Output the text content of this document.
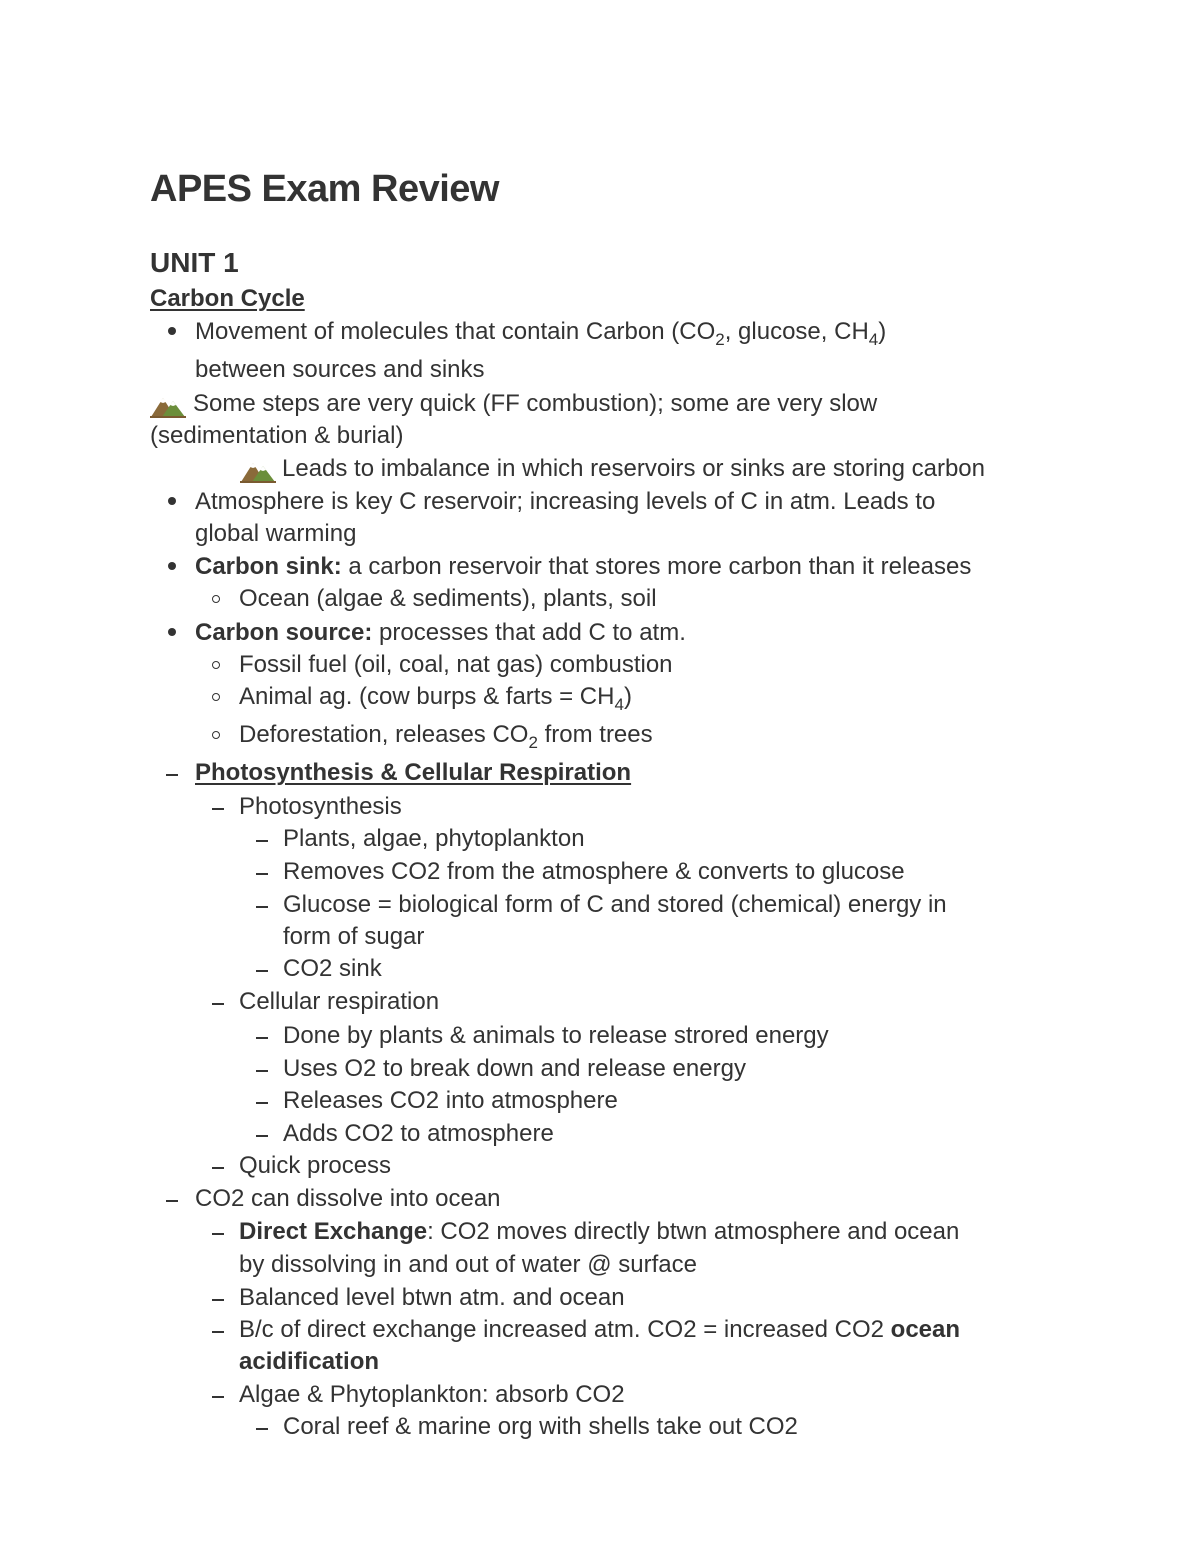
APES Exam Review
UNIT 1
Carbon Cycle
Movement of molecules that contain Carbon ($CO_2$, glucose, $CH_4$)
between sources and sinks
Some steps are very quick (FF combustion); some are very slow
(sedimentation & burial)
Leads to imbalance in which reservoirs or sinks are storing carbon
Atmosphere is key C reservoir; increasing levels of C in atm. Leads to
global warming
Carbon sink: a carbon reservoir that stores more carbon than it releases
Ocean (algae & sediments), plants, soil
Carbon source: processes that add C to atm.
Fossil fuel (oil, coal, nat gas) combustion
Animal ag. (cow burps & farts = $CH_4$)
Deforestation, releases $CO_2$ from trees
Photosynthesis & Cellular Respiration
Photosynthesis
Plants, algae, phytoplankton
Removes CO2 from the atmosphere & converts to glucose
Glucose = biological form of C and stored (chemical) energy in
form of sugar
CO2 sink
Cellular respiration
Done by plants & animals to release strored energy
Uses O2 to break down and release energy
Releases CO2 into atmosphere
Adds CO2 to atmosphere
Quick process
CO2 can dissolve into ocean
Direct Exchange: CO2 moves directly btwn atmosphere and ocean
by dissolving in and out of water @ surface
Balanced level btwn atm. and ocean
B/c of direct exchange increased atm. CO2 = increased CO2 ocean
acidification
Algae & Phytoplankton: absorb CO2
Coral reef & marine org with shells take out CO2
